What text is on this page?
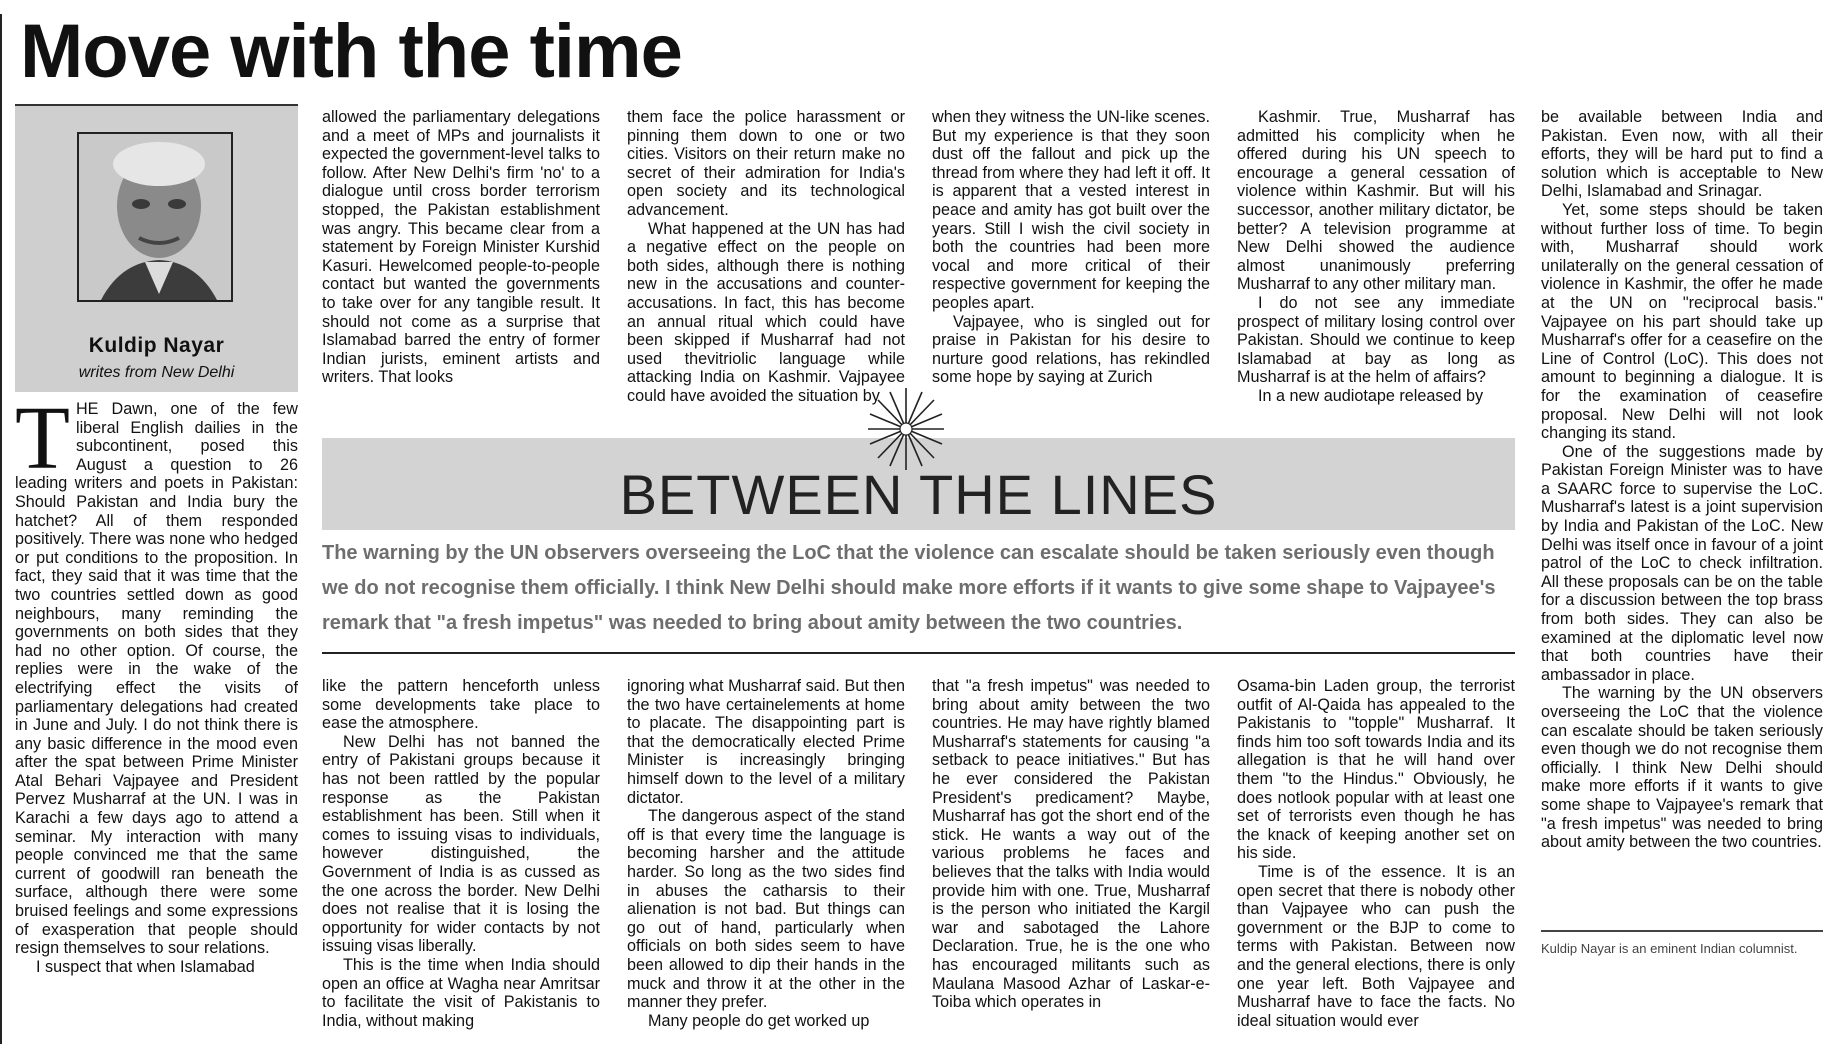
Move with the time
Kuldip Nayar
writes from New Delhi

THE Dawn, one of the few liberal English dailies in the subcontinent, posed this August a question to 26 leading writers and poets in Pakistan: Should Pakistan and India bury the hatchet? All of them responded positively. There was none who hedged or put conditions to the proposition. In fact, they said that it was time that the two countries settled down as good neighbours, many reminding the governments on both sides that they had no other option. Of course, the replies were in the wake of the electrifying effect the visits of parliamentary delegations had created in June and July. I do not think there is any basic difference in the mood even after the spat between Prime Minister Atal Behari Vajpayee and President Pervez Musharraf at the UN. I was in Karachi a few days ago to attend a seminar. My interaction with many people convinced me that the same current of goodwill ran beneath the surface, although there were some bruised feelings and some expressions of exasperation that people should resign themselves to sour relations.

I suspect that when Islamabad

allowed the parliamentary delegations and a meet of MPs and journalists it expected the government-level talks to follow. After New Delhi's firm 'no' to a dialogue until cross border terrorism stopped, the Pakistan establishment was angry. This became clear from a statement by Foreign Minister Kurshid Kasuri. Hewelcomed people-to-people contact but wanted the governments to take over for any tangible result. It should not come as a surprise that Islamabad barred the entry of former Indian jurists, eminent artists and writers. That looks

them face the police harassment or pinning them down to one or two cities. Visitors on their return make no secret of their admiration for India's open society and its technological advancement.

What happened at the UN has had a negative effect on the people on both sides, although there is nothing new in the accusations and counter-accusations. In fact, this has become an annual ritual which could have been skipped if Musharraf had not used thevitriolic language while attacking India on Kashmir. Vajpayee could have avoided the situation by

when they witness the UN-like scenes. But my experience is that they soon dust off the fallout and pick up the thread from where they had left it off. It is apparent that a vested interest in peace and amity has got built over the years. Still I wish the civil society in both the countries had been more vocal and more critical of their respective government for keeping the peoples apart.

Vajpayee, who is singled out for praise in Pakistan for his desire to nurture good relations, has rekindled some hope by saying at Zurich

Kashmir. True, Musharraf has admitted his complicity when he offered during his UN speech to encourage a general cessation of violence within Kashmir. But will his successor, another military dictator, be better? A television programme at New Delhi showed the audience almost unanimously preferring Musharraf to any other military man.

I do not see any immediate prospect of military losing control over Pakistan. Should we continue to keep Islamabad at bay as long as Musharraf is at the helm of affairs?

In a new audiotape released by

BETWEEN THE LINES
The warning by the UN observers overseeing the LoC that the violence can escalate should be taken seriously even though we do not recognise them officially. I think New Delhi should make more efforts if it wants to give some shape to Vajpayee's remark that "a fresh impetus" was needed to bring about amity between the two countries.

like the pattern henceforth unless some developments take place to ease the atmosphere.

New Delhi has not banned the entry of Pakistani groups because it has not been rattled by the popular response as the Pakistan establishment has been. Still when it comes to issuing visas to individuals, however distinguished, the Government of India is as cussed as the one across the border. New Delhi does not realise that it is losing the opportunity for wider contacts by not issuing visas liberally.

This is the time when India should open an office at Wagha near Amritsar to facilitate the visit of Pakistanis to India, without making

ignoring what Musharraf said. But then the two have certainelements at home to placate. The disappointing part is that the democratically elected Prime Minister is increasingly bringing himself down to the level of a military dictator.

The dangerous aspect of the stand off is that every time the language is becoming harsher and the attitude harder. So long as the two sides find in abuses the catharsis to their alienation is not bad. But things can go out of hand, particularly when officials on both sides seem to have been allowed to dip their hands in the muck and throw it at the other in the manner they prefer.

Many people do get worked up

that "a fresh impetus" was needed to bring about amity between the two countries. He may have rightly blamed Musharraf's statements for causing "a setback to peace initiatives." But has he ever considered the Pakistan President's predicament? Maybe, Musharraf has got the short end of the stick. He wants a way out of the various problems he faces and believes that the talks with India would provide him with one. True, Musharraf is the person who initiated the Kargil war and sabotaged the Lahore Declaration. True, he is the one who has encouraged militants such as Maulana Masood Azhar of Laskar-e-Toiba which operates in

Osama-bin Laden group, the terrorist outfit of Al-Qaida has appealed to the Pakistanis to "topple" Musharraf. It finds him too soft towards India and its allegation is that he will hand over them "to the Hindus." Obviously, he does notlook popular with at least one set of terrorists even though he has the knack of keeping another set on his side.

Time is of the essence. It is an open secret that there is nobody other than Vajpayee who can push the government or the BJP to come to terms with Pakistan. Between now and the general elections, there is only one year left. Both Vajpayee and Musharraf have to face the facts. No ideal situation would ever

be available between India and Pakistan. Even now, with all their efforts, they will be hard put to find a solution which is acceptable to New Delhi, Islamabad and Srinagar.

Yet, some steps should be taken without further loss of time. To begin with, Musharraf should work unilaterally on the general cessation of violence in Kashmir, the offer he made at the UN on "reciprocal basis." Vajpayee on his part should take up Musharraf's offer for a ceasefire on the Line of Control (LoC). This does not amount to beginning a dialogue. It is for the examination of ceasefire proposal. New Delhi will not look changing its stand.

One of the suggestions made by Pakistan Foreign Minister was to have a SAARC force to supervise the LoC. Musharraf's latest is a joint supervision by India and Pakistan of the LoC. New Delhi was itself once in favour of a joint patrol of the LoC to check infiltration. All these proposals can be on the table for a discussion between the top brass from both sides. They can also be examined at the diplomatic level now that both countries have their ambassador in place.

The warning by the UN observers overseeing the LoC that the violence can escalate should be taken seriously even though we do not recognise them officially. I think New Delhi should make more efforts if it wants to give some shape to Vajpayee's remark that "a fresh impetus" was needed to bring about amity between the two countries.

Kuldip Nayar is an eminent Indian columnist.
